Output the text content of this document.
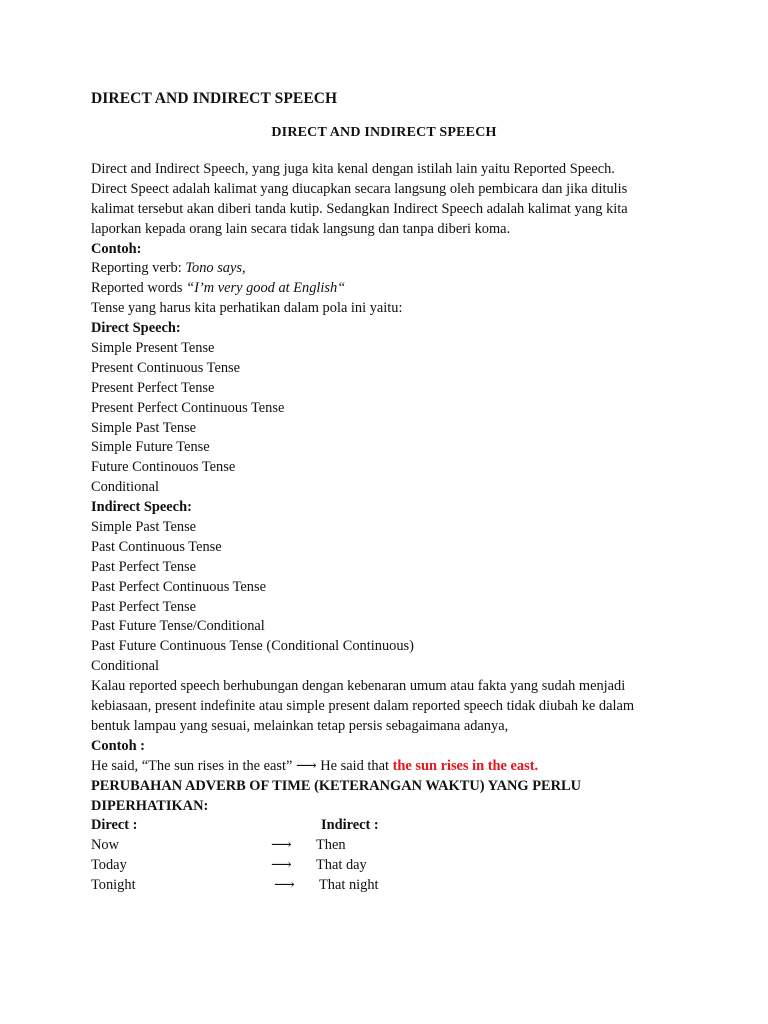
DIRECT AND INDIRECT SPEECH
DIRECT AND INDIRECT SPEECH
Direct and Indirect Speech, yang juga kita kenal dengan istilah lain yaitu Reported Speech.
Direct Speect adalah kalimat yang diucapkan secara langsung oleh pembicara dan jika ditulis
kalimat tersebut akan diberi tanda kutip. Sedangkan Indirect Speech adalah kalimat yang kita
laporkan kepada orang lain secara tidak langsung dan tanpa diberi koma.
Contoh:
Reporting verb: Tono says,
Reported words “I’m very good at English“
Tense yang harus kita perhatikan dalam pola ini yaitu:
Direct Speech:
Simple Present Tense
Present Continuous Tense
Present Perfect Tense
Present Perfect Continuous Tense
Simple Past Tense
Simple Future Tense
Future Continouos Tense
Conditional
Indirect Speech:
Simple Past Tense
Past Continuous Tense
Past Perfect Tense
Past Perfect Continuous Tense
Past Perfect Tense
Past Future Tense/Conditional
Past Future Continuous Tense (Conditional Continuous)
Conditional
Kalau reported speech berhubungan dengan kebenaran umum atau fakta yang sudah menjadi
kebiasaan, present indefinite atau simple present dalam reported speech tidak diubah ke dalam
bentuk lampau yang sesuai, melainkan tetap persis sebagaimana adanya,
Contoh :
He said, “The sun rises in the east” ⟶ He said that the sun rises in the east.
PERUBAHAN ADVERB OF TIME (KETERANGAN WAKTU) YANG PERLU
DIPERHATIKAN:
Direct :	Indirect :
Now	⟶ Then
Today	⟶ That day
Tonight	⟶ That night
